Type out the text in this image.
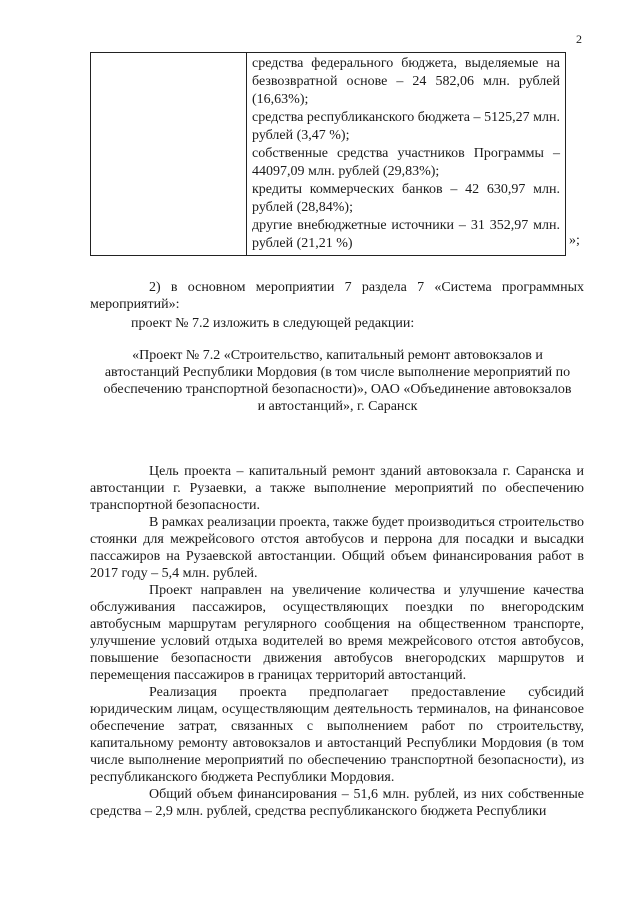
2

средства федерального бюджета, выделяемые на безвозвратной основе – 24 582,06 млн. рублей (16,63%);

средства республиканского бюджета – 5125,27 млн. рублей (3,47 %);

собственные средства участников Программы – 44097,09 млн. рублей (29,83%);

кредиты коммерческих банков – 42 630,97 млн. рублей (28,84%);

другие внебюджетные источники – 31 352,97 млн. рублей (21,21 %)	»;

2) в основном мероприятии 7 раздела 7 «Система программных мероприятий»:

проект № 7.2 изложить в следующей редакции:
«Проект № 7.2 «Строительство, капитальный ремонт автовокзалов и автостанций Республики Мордовия (в том числе выполнение мероприятий по обеспечению транспортной безопасности)», ОАО «Объединение автовокзалов и автостанций», г. Саранск

Цель проекта – капитальный ремонт зданий автовокзала г. Саранска и автостанции г. Рузаевки, а также выполнение мероприятий по обеспечению транспортной безопасности.

В рамках реализации проекта, также будет производиться строительство стоянки для межрейсового отстоя автобусов и перрона для посадки и высадки пассажиров на Рузаевской автостанции. Общий объем финансирования работ в 2017 году – 5,4 млн. рублей.

Проект направлен на увеличение количества и улучшение качества обслуживания пассажиров, осуществляющих поездки по внегородским автобусным маршрутам регулярного сообщения на общественном транспорте, улучшение условий отдыха водителей во время межрейсового отстоя автобусов, повышение безопасности движения автобусов внегородских маршрутов и перемещения пассажиров в границах территорий автостанций.

Реализация проекта предполагает предоставление субсидий юридическим лицам, осуществляющим деятельность терминалов, на финансовое обеспечение затрат, связанных с выполнением работ по строительству, капитальному ремонту автовокзалов и автостанций Республики Мордовия (в том числе выполнение мероприятий по обеспечению транспортной безопасности), из республиканского бюджета Республики Мордовия.

Общий объем финансирования – 51,6 млн. рублей, из них собственные средства – 2,9 млн. рублей, средства республиканского бюджета Республики
